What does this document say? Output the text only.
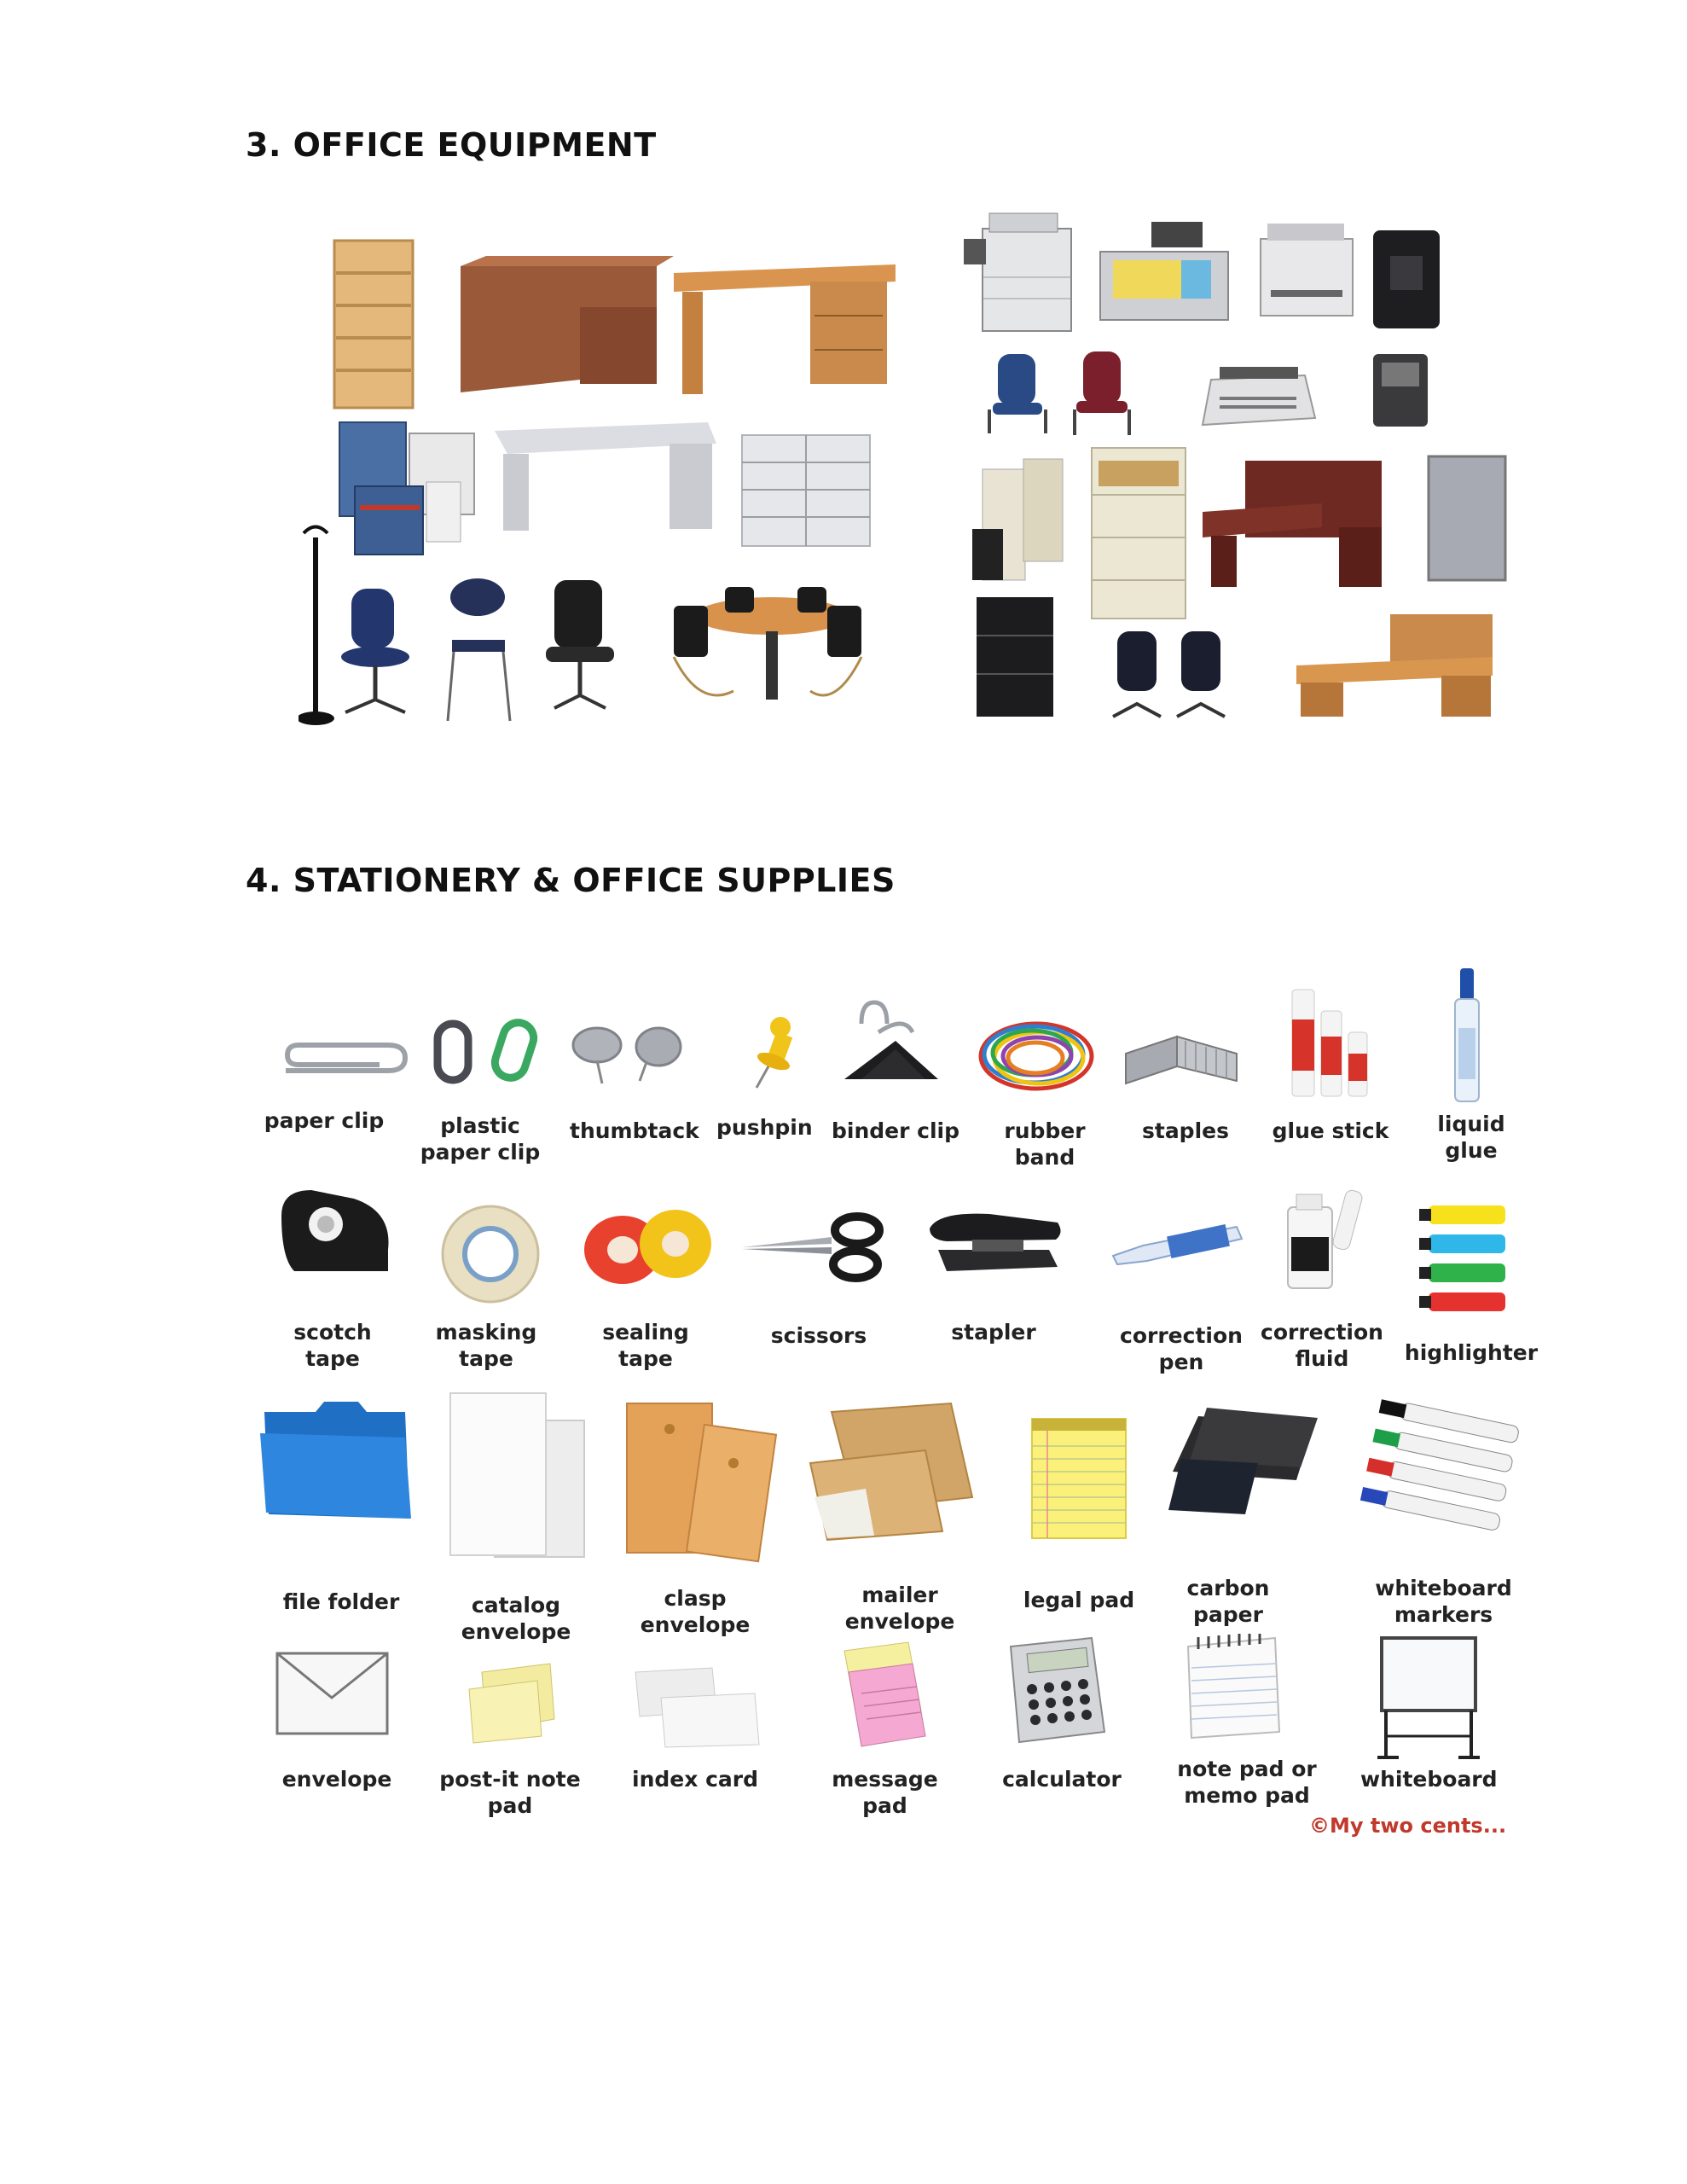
3. OFFICE EQUIPMENT
4. STATIONERY & OFFICE SUPPLIES
paper clip	plastic paper clip
thumbtack pushpin binder clip	rubber band
staples	glue stick	liquid glue
scotch tape
masking tape
sealing tape
scissors	stapler	correction pen
correction fluid	highlighter
file folder	catalog envelope
clasp envelope
mailer envelope
legal pad	carbon paper
whiteboard markers
envelope	post-it note pad
index card	message pad
calculator	note pad or memo pad
whiteboard
©My two cents...
